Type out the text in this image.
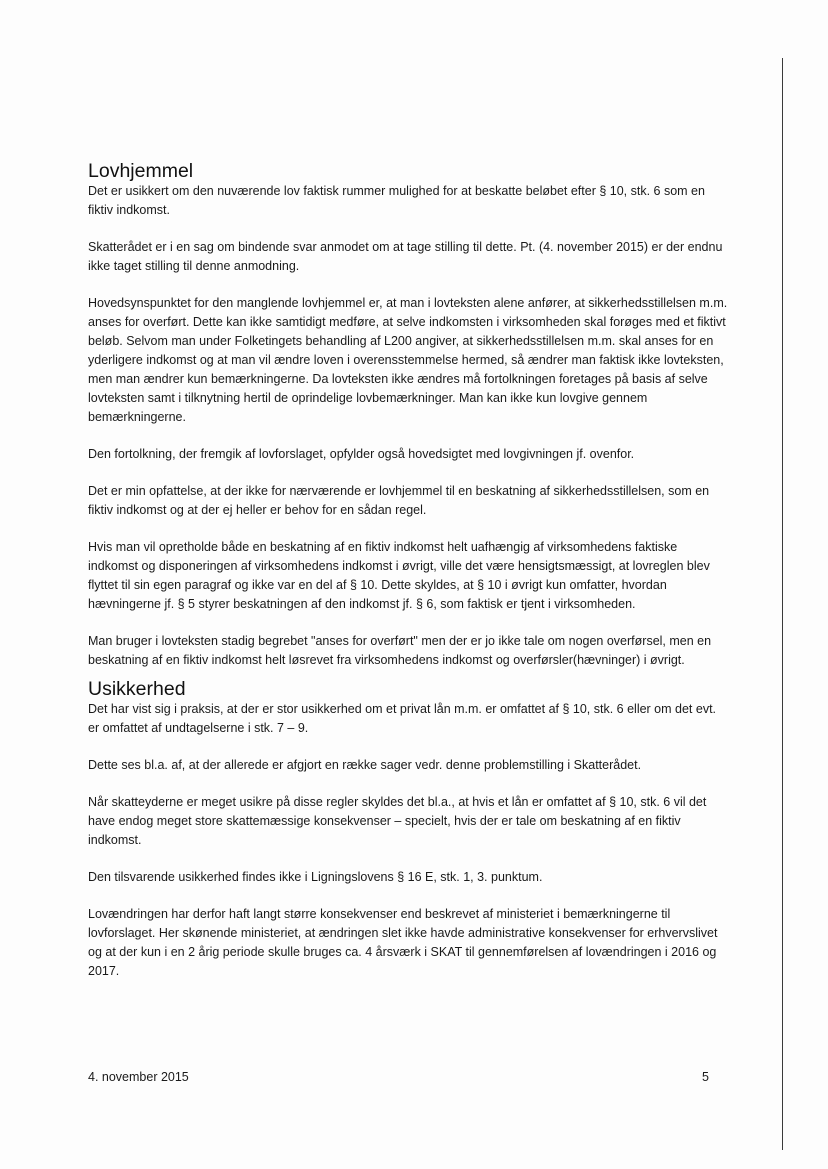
Lovhjemmel

Det er usikkert om den nuværende lov faktisk rummer mulighed for at beskatte beløbet efter § 10, stk. 6 som en fiktiv indkomst.

Skatterådet er i en sag om bindende svar anmodet om at tage stilling til dette. Pt. (4. november 2015) er der endnu ikke taget stilling til denne anmodning.

Hovedsynspunktet for den manglende lovhjemmel er, at man i lovteksten alene anfører, at sikkerhedsstillelsen m.m. anses for overført. Dette kan ikke samtidigt medføre, at selve indkomsten i virksomheden skal forøges med et fiktivt beløb. Selvom man under Folketingets behandling af L200 angiver, at sikkerhedsstillelsen m.m. skal anses for en yderligere indkomst og at man vil ændre loven i overensstemmelse hermed, så ændrer man faktisk ikke lovteksten, men man ændrer kun bemærkningerne. Da lovteksten ikke ændres må fortolkningen foretages på basis af selve lovteksten samt i tilknytning hertil de oprindelige lovbemærkninger. Man kan ikke kun lovgive gennem bemærkningerne.

Den fortolkning, der fremgik af lovforslaget, opfylder også hovedsigtet med lovgivningen jf. ovenfor.

Det er min opfattelse, at der ikke for nærværende er lovhjemmel til en beskatning af sikkerhedsstillelsen, som en fiktiv indkomst og at der ej heller er behov for en sådan regel.

Hvis man vil opretholde både en beskatning af en fiktiv indkomst helt uafhængig af virksomhedens faktiske indkomst og disponeringen af virksomhedens indkomst i øvrigt, ville det være hensigtsmæssigt, at lovreglen blev flyttet til sin egen paragraf og ikke var en del af § 10. Dette skyldes, at § 10 i øvrigt kun omfatter, hvordan hævningerne jf. § 5 styrer beskatningen af den indkomst jf. § 6, som faktisk er tjent i virksomheden.

Man bruger i lovteksten stadig begrebet "anses for overført" men der er jo ikke tale om nogen overførsel, men en beskatning af en fiktiv indkomst helt løsrevet fra virksomhedens indkomst og overførsler(hævninger) i øvrigt.

Usikkerhed

Det har vist sig i praksis, at der er stor usikkerhed om et privat lån m.m. er omfattet af § 10, stk. 6 eller om det evt. er omfattet af undtagelserne i stk. 7 – 9.

Dette ses bl.a. af, at der allerede er afgjort en række sager vedr. denne problemstilling i Skatterådet.

Når skatteyderne er meget usikre på disse regler skyldes det bl.a., at hvis et lån er omfattet af § 10, stk. 6 vil det have endog meget store skattemæssige konsekvenser – specielt, hvis der er tale om beskatning af en fiktiv indkomst.

Den tilsvarende usikkerhed findes ikke i Ligningslovens § 16 E, stk. 1, 3. punktum.

Lovændringen har derfor haft langt større konsekvenser end beskrevet af ministeriet i bemærkningerne til lovforslaget. Her skønende ministeriet, at ændringen slet ikke havde administrative konsekvenser for erhvervslivet og at der kun i en 2 årig periode skulle bruges ca. 4 årsværk i SKAT til gennemførelsen af lovændringen i 2016 og 2017.

4. november 2015	5
